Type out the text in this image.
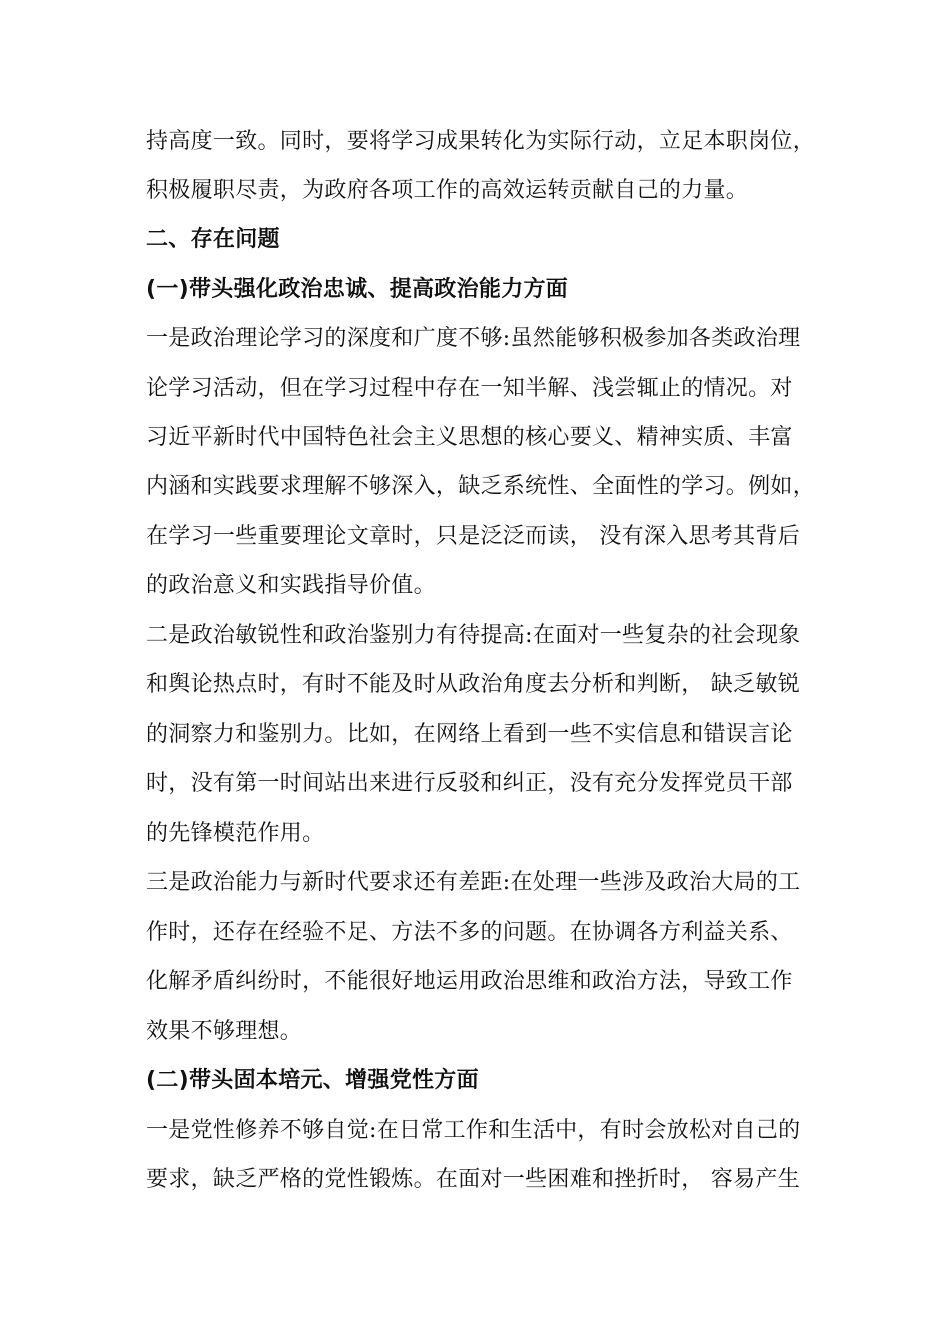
持高度一致。同时，要将学习成果转化为实际行动，立足本职岗位，
积极履职尽责，为政府各项工作的高效运转贡献自己的力量。
二、存在问题
(一)带头强化政治忠诚、提高政治能力方面
一是政治理论学习的深度和广度不够:虽然能够积极参加各类政治理
论学习活动，但在学习过程中存在一知半解、浅尝辄止的情况。对
习近平新时代中国特色社会主义思想的核心要义、精神实质、丰富
内涵和实践要求理解不够深入，缺乏系统性、全面性的学习。例如，
在学习一些重要理论文章时，只是泛泛而读， 没有深入思考其背后
的政治意义和实践指导价值。
二是政治敏锐性和政治鉴别力有待提高:在面对一些复杂的社会现象
和舆论热点时，有时不能及时从政治角度去分析和判断， 缺乏敏锐
的洞察力和鉴别力。比如，在网络上看到一些不实信息和错误言论
时，没有第一时间站出来进行反驳和纠正，没有充分发挥党员干部
的先锋模范作用。
三是政治能力与新时代要求还有差距:在处理一些涉及政治大局的工
作时，还存在经验不足、方法不多的问题。在协调各方利益关系、
化解矛盾纠纷时，不能很好地运用政治思维和政治方法，导致工作
效果不够理想。
(二)带头固本培元、增强党性方面
一是党性修养不够自觉:在日常工作和生活中，有时会放松对自己的
要求，缺乏严格的党性锻炼。在面对一些困难和挫折时， 容易产生
